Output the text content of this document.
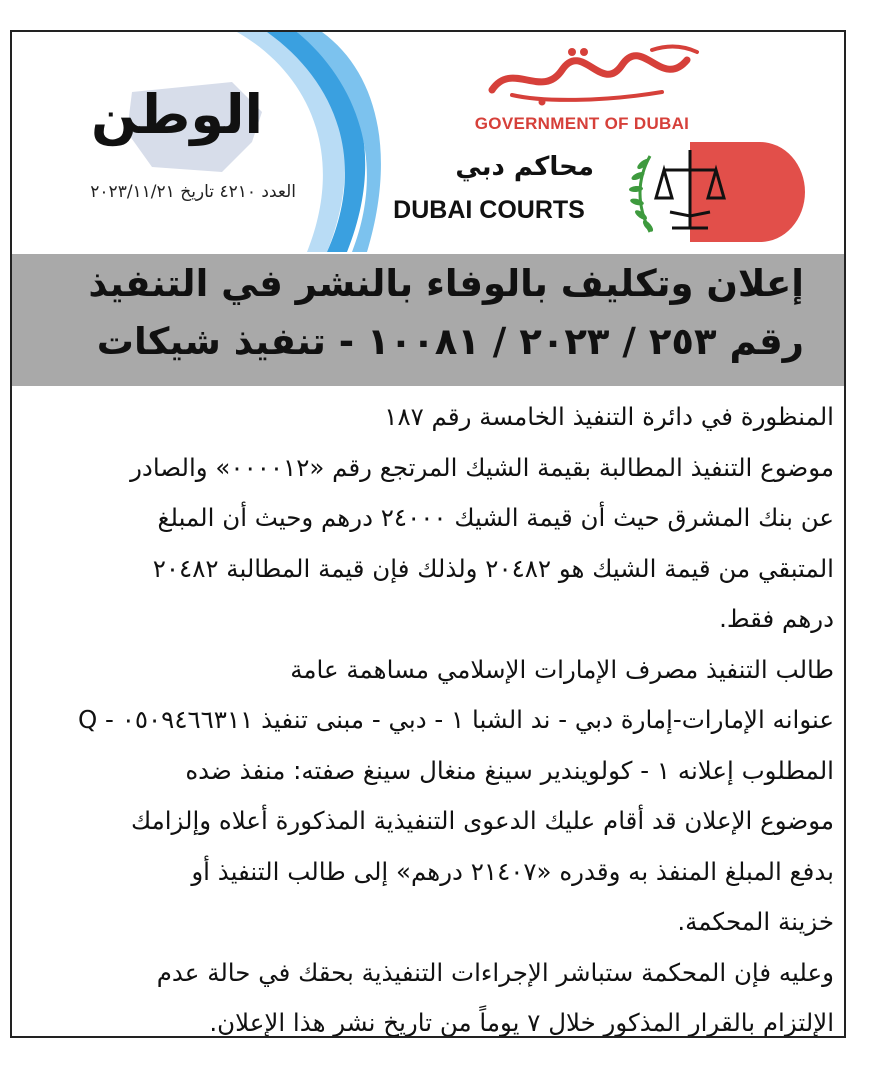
GOVERNMENT OF DUBAI
محاكم دبي
DUBAI COURTS
الوطن
العدد ٤٢١٠ تاريخ ٢٠٢٣/١١/٢١
إعلان وتكليف بالوفاء بالنشر في التنفيذ
رقم ٢٥٣ / ٢٠٢٣ / ١٠٠٨١ - تنفيذ شيكات

المنظورة في دائرة التنفيذ الخامسة رقم ١٨٧

موضوع التنفيذ المطالبة بقيمة الشيك المرتجع رقم «٠٠٠٠١٢» والصادر

عن بنك المشرق حيث أن قيمة الشيك ٢٤٠٠٠ درهم وحيث أن المبلغ

المتبقي من قيمة الشيك هو ٢٠٤٨٢ ولذلك فإن قيمة المطالبة ٢٠٤٨٢

درهم فقط.

طالب التنفيذ مصرف الإمارات الإسلامي مساهمة عامة

عنوانه الإمارات-إمارة دبي - ند الشبا ١ - دبي - مبنى تنفيذ ٠٥٠٩٤٦٦٣١١ - Q

المطلوب إعلانه ١ - كولويندير سينغ منغال سينغ صفته: منفذ ضده

موضوع الإعلان قد أقام عليك الدعوى التنفيذية المذكورة أعلاه وإلزامك

بدفع المبلغ المنفذ به وقدره «٢١٤٠٧ درهم» إلى طالب التنفيذ أو

خزينة المحكمة.

وعليه فإن المحكمة ستباشر الإجراءات التنفيذية بحقك في حالة عدم

الإلتزام بالقرار المذكور خلال ٧ يوماً من تاريخ نشر هذا الإعلان.
